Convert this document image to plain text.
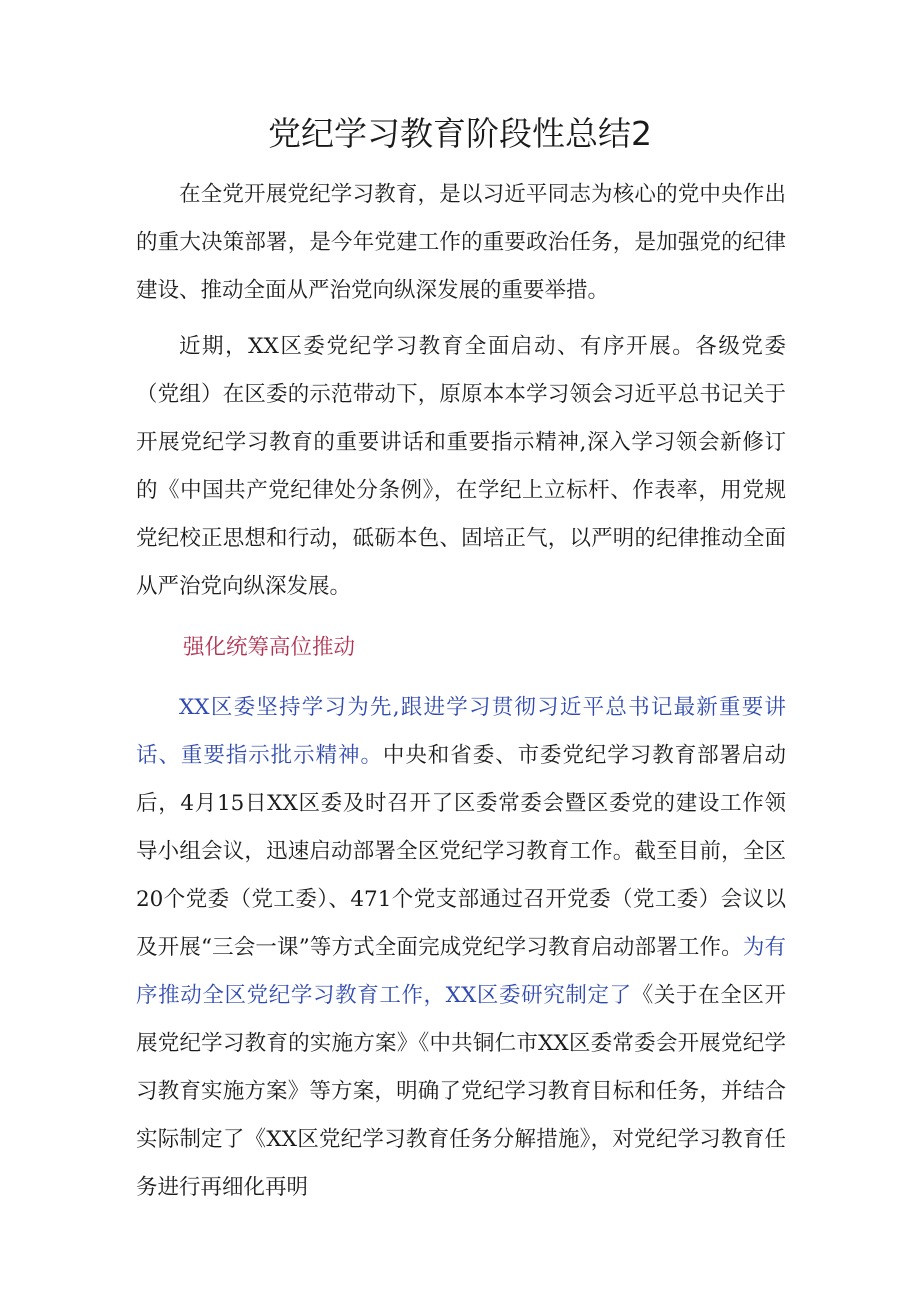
党纪学习教育阶段性总结2

在全党开展党纪学习教育，是以习近平同志为核心的党中央作出的重大决策部署，是今年党建工作的重要政治任务，是加强党的纪律建设、推动全面从严治党向纵深发展的重要举措。

近期，XX区委党纪学习教育全面启动、有序开展。各级党委（党组）在区委的示范带动下，原原本本学习领会习近平总书记关于开展党纪学习教育的重要讲话和重要指示精神,深入学习领会新修订的《中国共产党纪律处分条例》，在学纪上立标杆、作表率，用党规党纪校正思想和行动，砥砺本色、固培正气，以严明的纪律推动全面从严治党向纵深发展。

强化统筹高位推动

XX区委坚持学习为先,跟进学习贯彻习近平总书记最新重要讲话、重要指示批示精神。中央和省委、市委党纪学习教育部署启动后，4月15日XX区委及时召开了区委常委会暨区委党的建设工作领导小组会议，迅速启动部署全区党纪学习教育工作。截至目前，全区20个党委（党工委）、471个党支部通过召开党委（党工委）会议以及开展“三会一课”等方式全面完成党纪学习教育启动部署工作。为有序推动全区党纪学习教育工作，XX区委研究制定了《关于在全区开展党纪学习教育的实施方案》《中共铜仁市XX区委常委会开展党纪学习教育实施方案》等方案，明确了党纪学习教育目标和任务，并结合实际制定了《XX区党纪学习教育任务分解措施》，对党纪学习教育任务进行再细化再明
